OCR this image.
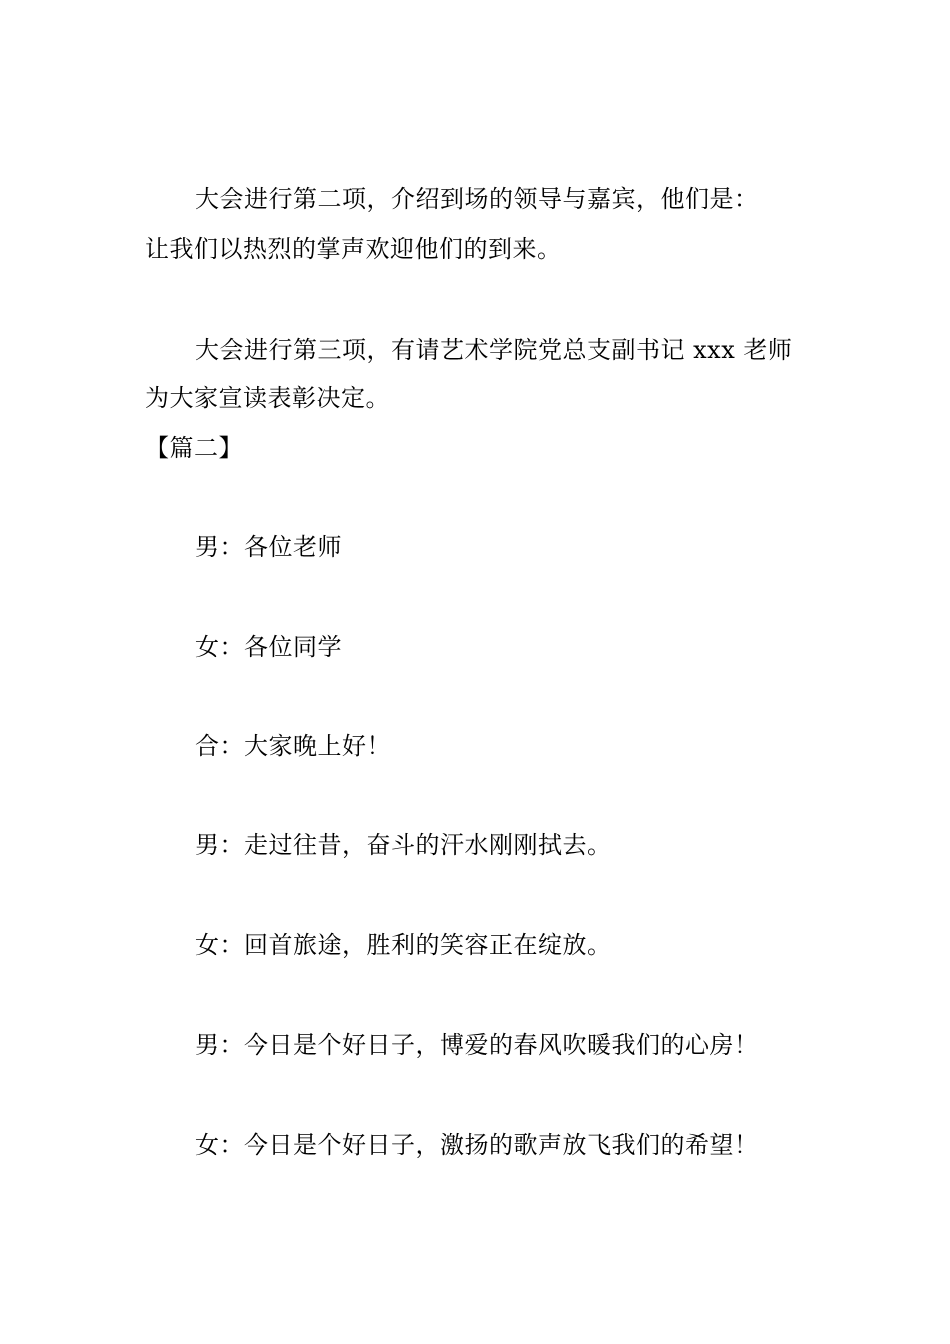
大会进行第二项，介绍到场的领导与嘉宾，他们是：
让我们以热烈的掌声欢迎他们的到来。
大会进行第三项，有请艺术学院党总支副书记 xxx 老师
为大家宣读表彰决定。
【篇二】
男：各位老师
女：各位同学
合：大家晚上好！
男：走过往昔，奋斗的汗水刚刚拭去。
女：回首旅途，胜利的笑容正在绽放。
男：今日是个好日子，博爱的春风吹暖我们的心房！
女：今日是个好日子，激扬的歌声放飞我们的希望！
